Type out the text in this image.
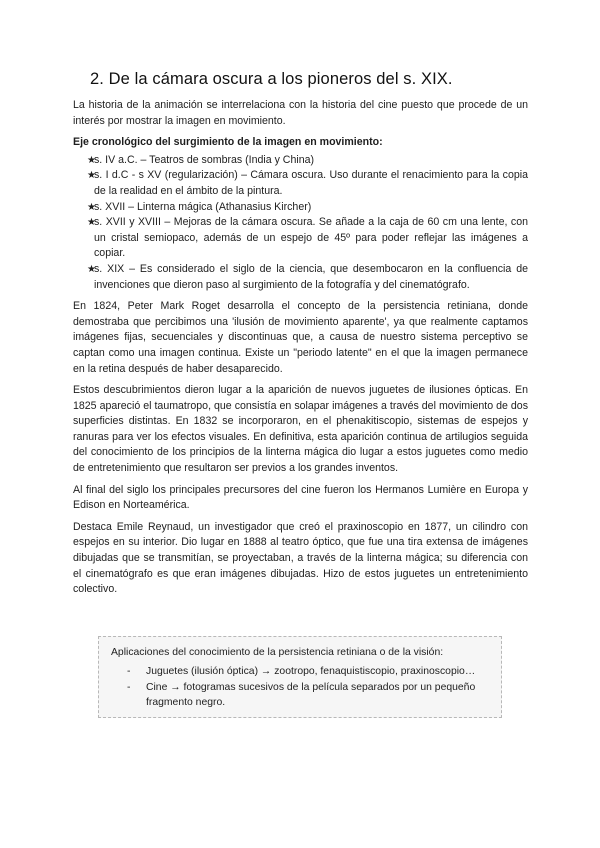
2. De la cámara oscura a los pioneros del s. XIX.

La historia de la animación se interrelaciona con la historia del cine puesto que procede de un interés por mostrar la imagen en movimiento.

Eje cronológico del surgimiento de la imagen en movimiento:
★
s. IV a.C. – Teatros de sombras (India y China)
★
s. I d.C - s XV (regularización) – Cámara oscura. Uso durante el renacimiento para la copia de la realidad en el ámbito de la pintura.
★
s. XVII – Linterna mágica (Athanasius Kircher)
★
s. XVII y XVIII – Mejoras de la cámara oscura. Se añade a la caja de 60 cm una lente, con un cristal semiopaco, además de un espejo de 45º para poder reflejar las imágenes a copiar.
★
s. XIX – Es considerado el siglo de la ciencia, que desembocaron en la confluencia de invenciones que dieron paso al surgimiento de la fotografía y del cinematógrafo.

En 1824, Peter Mark Roget desarrolla el concepto de la persistencia retiniana, donde demostraba que percibimos una 'ilusión de movimiento aparente', ya que realmente captamos imágenes fijas, secuenciales y discontinuas que, a causa de nuestro sistema perceptivo se captan como una imagen continua. Existe un "periodo latente" en el que la imagen permanece en la retina después de haber desaparecido.

Estos descubrimientos dieron lugar a la aparición de nuevos juguetes de ilusiones ópticas. En 1825 apareció el taumatropo, que consistía en solapar imágenes a través del movimiento de dos superficies distintas. En 1832 se incorporaron, en el phenakitiscopio, sistemas de espejos y ranuras para ver los efectos visuales. En definitiva, esta aparición continua de artilugios seguida del conocimiento de los principios de la linterna mágica dio lugar a estos juguetes como medio de entretenimiento que resultaron ser previos a los grandes inventos.

Al final del siglo los principales precursores del cine fueron los Hermanos Lumière en Europa y Edison en Norteamérica.

Destaca Emile Reynaud, un investigador que creó el praxinoscopio en 1877, un cilindro con espejos en su interior. Dio lugar en 1888 al teatro óptico, que fue una tira extensa de imágenes dibujadas que se transmitían, se proyectaban, a través de la linterna mágica; su diferencia con el cinematógrafo es que eran imágenes dibujadas. Hizo de estos juguetes un entretenimiento colectivo.

Aplicaciones del conocimiento de la persistencia retiniana o de la visión:

- Juguetes (ilusión óptica) → zootropo, fenaquistiscopio, praxinoscopio…
- Cine → fotogramas sucesivos de la película separados por un pequeño fragmento negro.
